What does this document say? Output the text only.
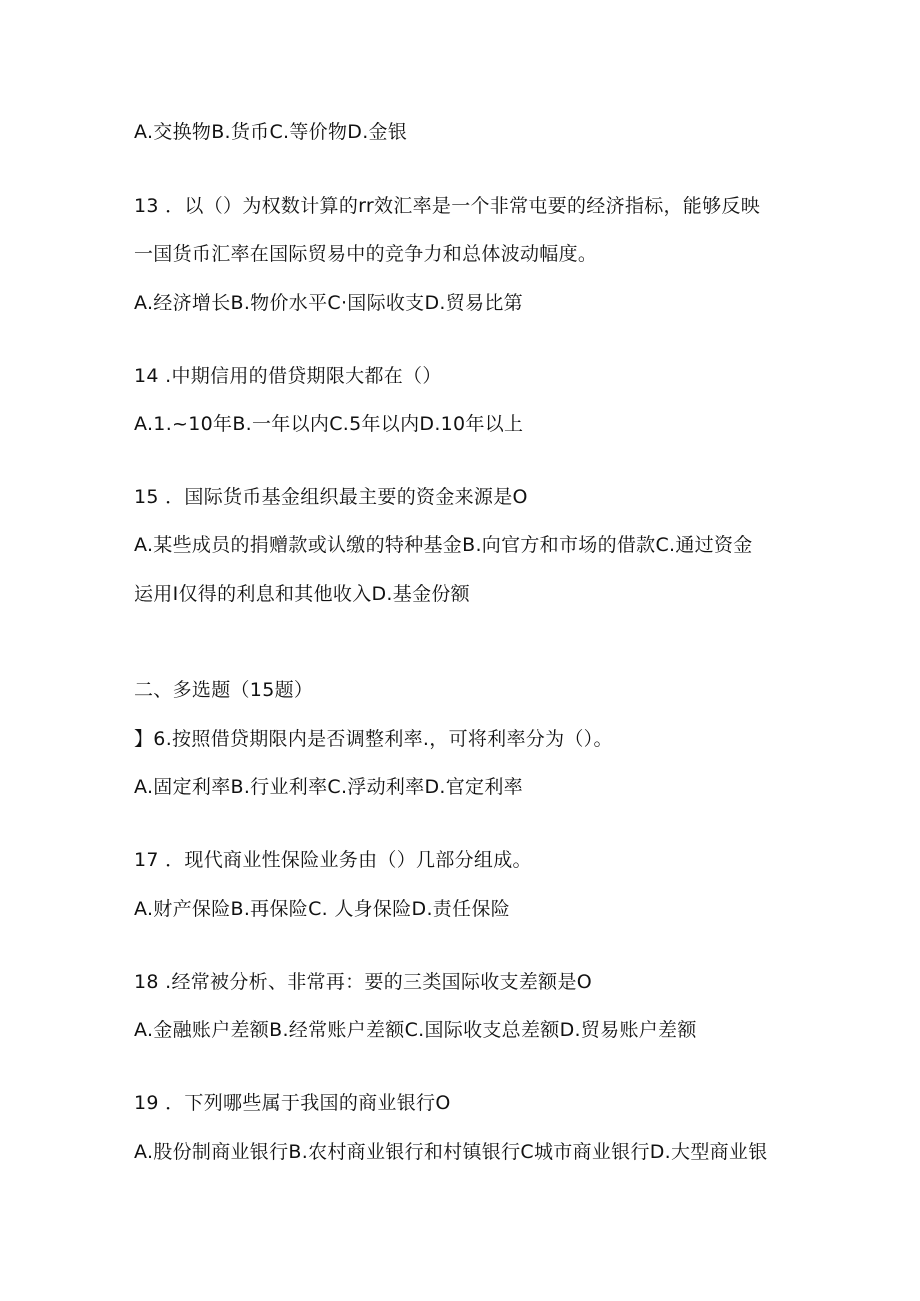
A.交换物B.货币C.等价物D.金银
13 ．以（）为权数计算的rr效汇率是一个非常屯要的经济指标，能够反映
一国货币汇率在国际贸易中的竞争力和总体波动幅度。
A.经济增长B.物价水平C·国际收支D.贸易比第
14 .中期信用的借贷期限大都在（）
A.1.~10年B.一年以内C.5年以内D.10年以上
15 ．国际货币基金组织最主要的资金来源是O
A.某些成员的捐赠款或认缴的特种基金B.向官方和市场的借款C.通过资金
运用I仅得的利息和其他收入D.基金份额
二、多选题（15题）
】6.按照借贷期限内是否调整利率.，可将利率分为（）。
A.固定利率B.行业利率C.浮动利率D.官定利率
17 ．现代商业性保险业务由（）几部分组成。
A.财产保险B.再保险C. 人身保险D.责任保险
18 .经常被分析、非常再：要的三类国际收支差额是O
A.金融账户差额B.经常账户差额C.国际收支总差额D.贸易账户差额
19 ．下列哪些属于我国的商业银行O
A.股份制商业银行B.农村商业银行和村镇银行C城市商业银行D.大型商业银
